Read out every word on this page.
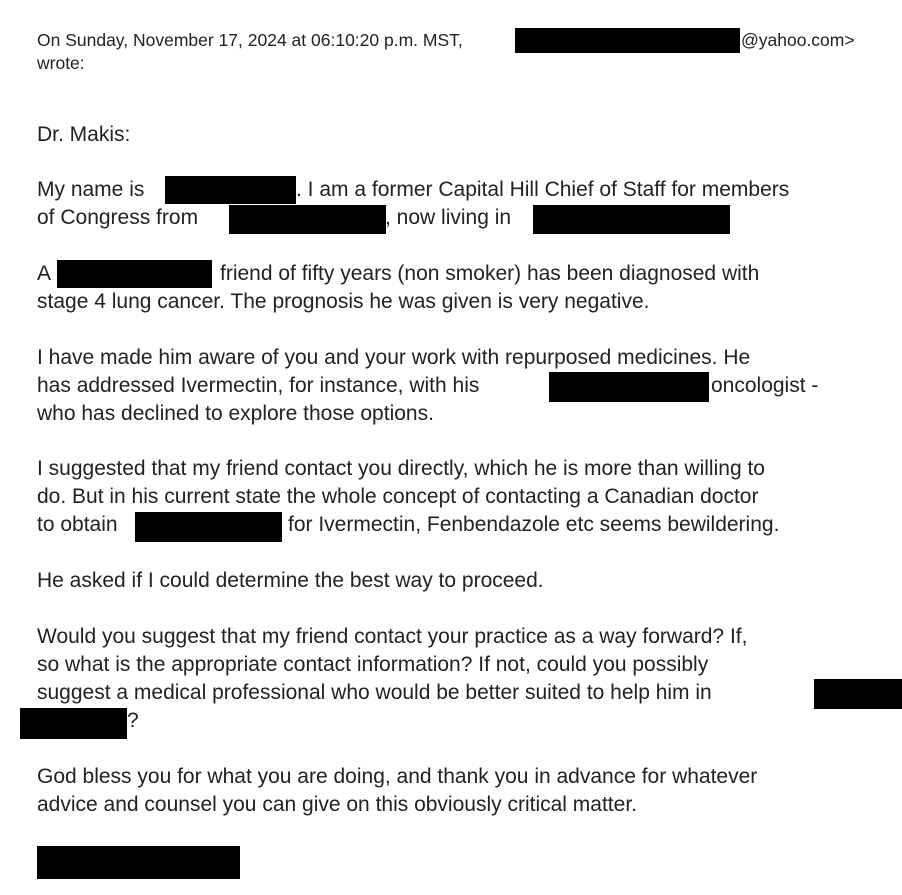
On Sunday, November 17, 2024 at 06:10:20 p.m. MST,	@yahoo.com>
wrote:
Dr. Makis:
My name is	. I am a former Capital Hill Chief of Staff for members
of Congress from	, now living in
A	friend of fifty years (non smoker) has been diagnosed with
stage 4 lung cancer. The prognosis he was given is very negative.
I have made him aware of you and your work with repurposed medicines. He
has addressed Ivermectin, for instance, with his	oncologist -
who has declined to explore those options.
I suggested that my friend contact you directly, which he is more than willing to
do. But in his current state the whole concept of contacting a Canadian doctor
to obtain	for Ivermectin, Fenbendazole etc seems bewildering.
He asked if I could determine the best way to proceed.
Would you suggest that my friend contact your practice as a way forward? If,
so what is the appropriate contact information? If not, could you possibly
suggest a medical professional who would be better suited to help him in
?
God bless you for what you are doing, and thank you in advance for whatever
advice and counsel you can give on this obviously critical matter.
